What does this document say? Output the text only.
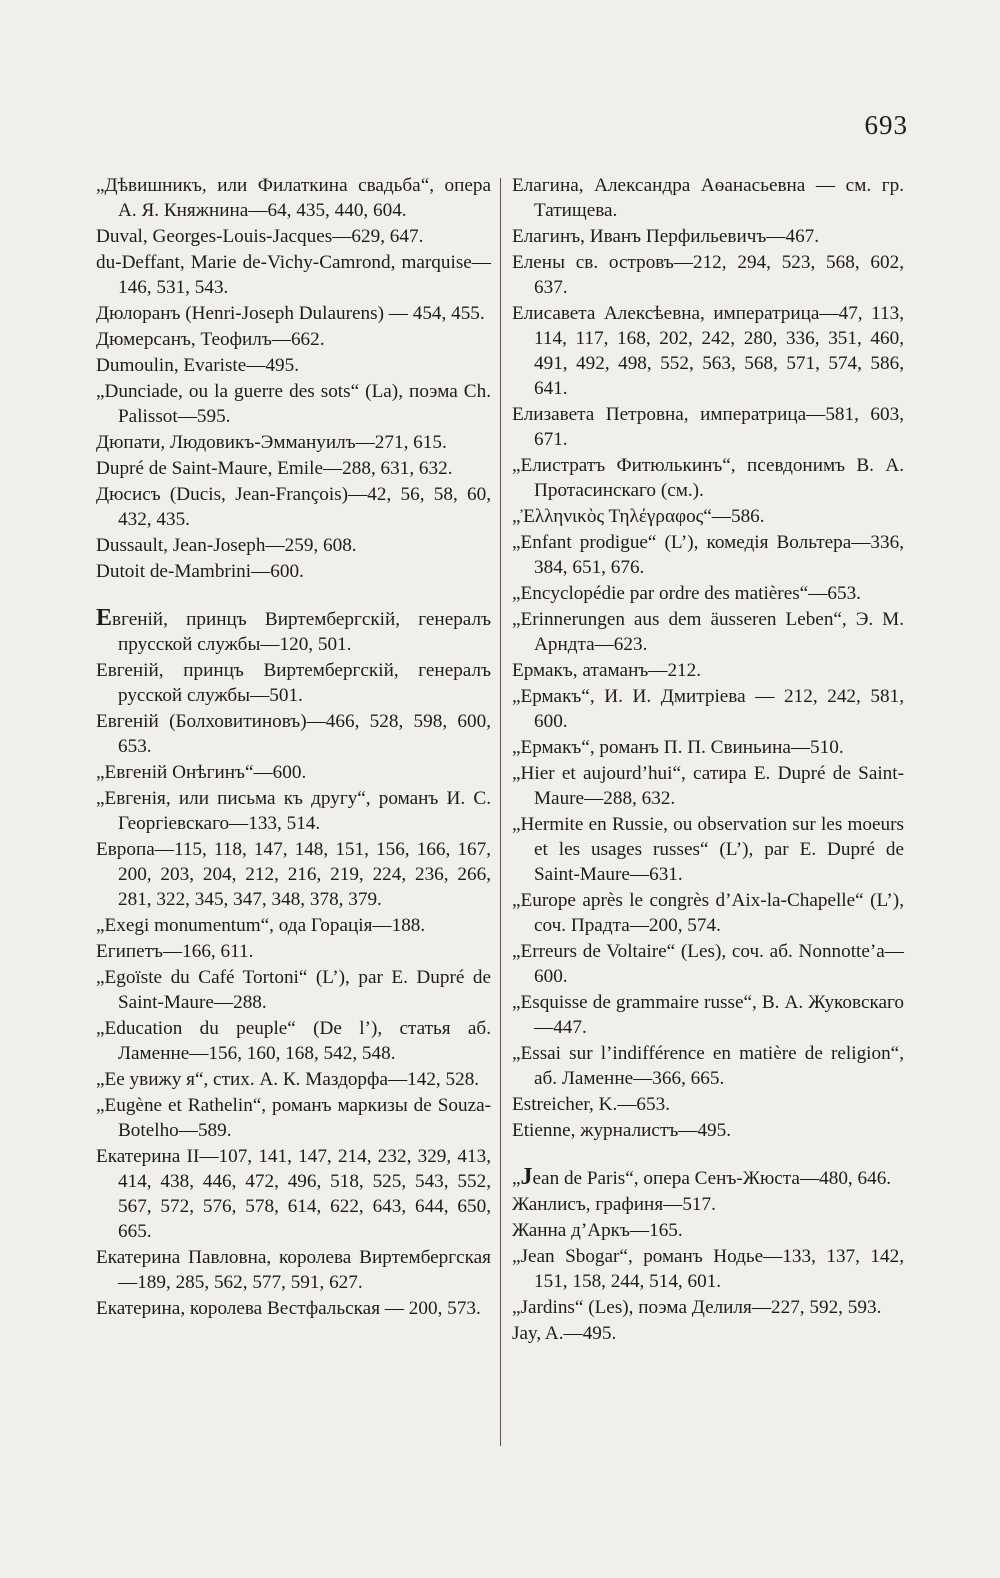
693

„Дѣвишникъ, или Филаткина свадьба“, опера А. Я. Княжнина—64, 435, 440, 604.

Duval, Georges-Louis-Jacques—629, 647.

du-Deffant, Marie de-Vichy-Camrond, marquise—146, 531, 543.

Дюлоранъ (Henri-Joseph Dulaurens) — 454, 455.

Дюмерсанъ, Теофилъ—662.

Dumoulin, Evariste—495.

„Dunciade, ou la guerre des sots“ (La), поэма Ch. Palissot—595.

Дюпати, Людовикъ-Эммануилъ—271, 615.

Dupré de Saint-Maure, Emile—288, 631, 632.

Дюсисъ (Ducis, Jean-François)—42, 56, 58, 60, 432, 435.

Dussault, Jean-Joseph—259, 608.

Dutoit de-Mambrini—600.

Евгеній, принцъ Виртембергскій, генералъ прусской службы—120, 501.

Евгеній, принцъ Виртембергскій, генералъ русской службы—501.

Евгеній (Болховитиновъ)—466, 528, 598, 600, 653.

„Евгеній Онѣгинъ“—600.

„Евгенія, или письма къ другу“, романъ И. С. Георгіевскаго—133, 514.

Европа—115, 118, 147, 148, 151, 156, 166, 167, 200, 203, 204, 212, 216, 219, 224, 236, 266, 281, 322, 345, 347, 348, 378, 379.

„Exegi monumentum“, ода Горація—188.

Египетъ—166, 611.

„Egoïste du Café Tortoni“ (L’), par E. Dupré de Saint-Maure—288.

„Education du peuple“ (De l’), статья аб. Ламенне—156, 160, 168, 542, 548.

„Ее увижу я“, стих. А. К. Маздорфа—142, 528.

„Eugène et Rathelin“, романъ маркизы de Souza-Botelho—589.

Екатерина II—107, 141, 147, 214, 232, 329, 413, 414, 438, 446, 472, 496, 518, 525, 543, 552, 567, 572, 576, 578, 614, 622, 643, 644, 650, 665.

Екатерина Павловна, королева Виртембергская—189, 285, 562, 577, 591, 627.

Екатерина, королева Вестфальская — 200, 573.

Елагина, Александра Аѳанасьевна — см. гр. Татищева.

Елагинъ, Иванъ Перфильевичъ—467.

Елены св. островъ—212, 294, 523, 568, 602, 637.

Елисавета Алексѣевна, императрица—47, 113, 114, 117, 168, 202, 242, 280, 336, 351, 460, 491, 492, 498, 552, 563, 568, 571, 574, 586, 641.

Елизавета Петровна, императрица—581, 603, 671.

„Елистратъ Фитюлькинъ“, псевдонимъ В. А. Протасинскаго (см.).

„Ἐλληνικὸς Τηλέγραφος“—586.

„Enfant prodigue“ (L’), комедія Вольтера—336, 384, 651, 676.

„Encyclopédie par ordre des matières“—653.

„Erinnerungen aus dem äusseren Leben“, Э. М. Арндта—623.

Ермакъ, атаманъ—212.

„Ермакъ“, И. И. Дмитріева — 212, 242, 581, 600.

„Ермакъ“, романъ П. П. Свиньина—510.

„Hier et aujourd’hui“, сатира E. Dupré de Saint-Maure—288, 632.

„Hermite en Russie, ou observation sur les moeurs et les usages russes“ (L’), par E. Dupré de Saint-Maure—631.

„Europe après le congrès d’Aix-la-Chapelle“ (L’), соч. Прадта—200, 574.

„Erreurs de Voltaire“ (Les), соч. аб. Nonnotte’a—600.

„Esquisse de grammaire russe“, В. А. Жуковскаго—447.

„Essai sur l’indifférence en matière de religion“, аб. Ламенне—366, 665.

Estreicher, K.—653.

Etienne, журналистъ—495.

„Jean de Paris“, опера Сенъ-Жюста—480, 646.

Жанлисъ, графиня—517.

Жанна д’Аркъ—165.

„Jean Sbogar“, романъ Нодье—133, 137, 142, 151, 158, 244, 514, 601.

„Jardins“ (Les), поэма Делиля—227, 592, 593.

Jay, A.—495.
